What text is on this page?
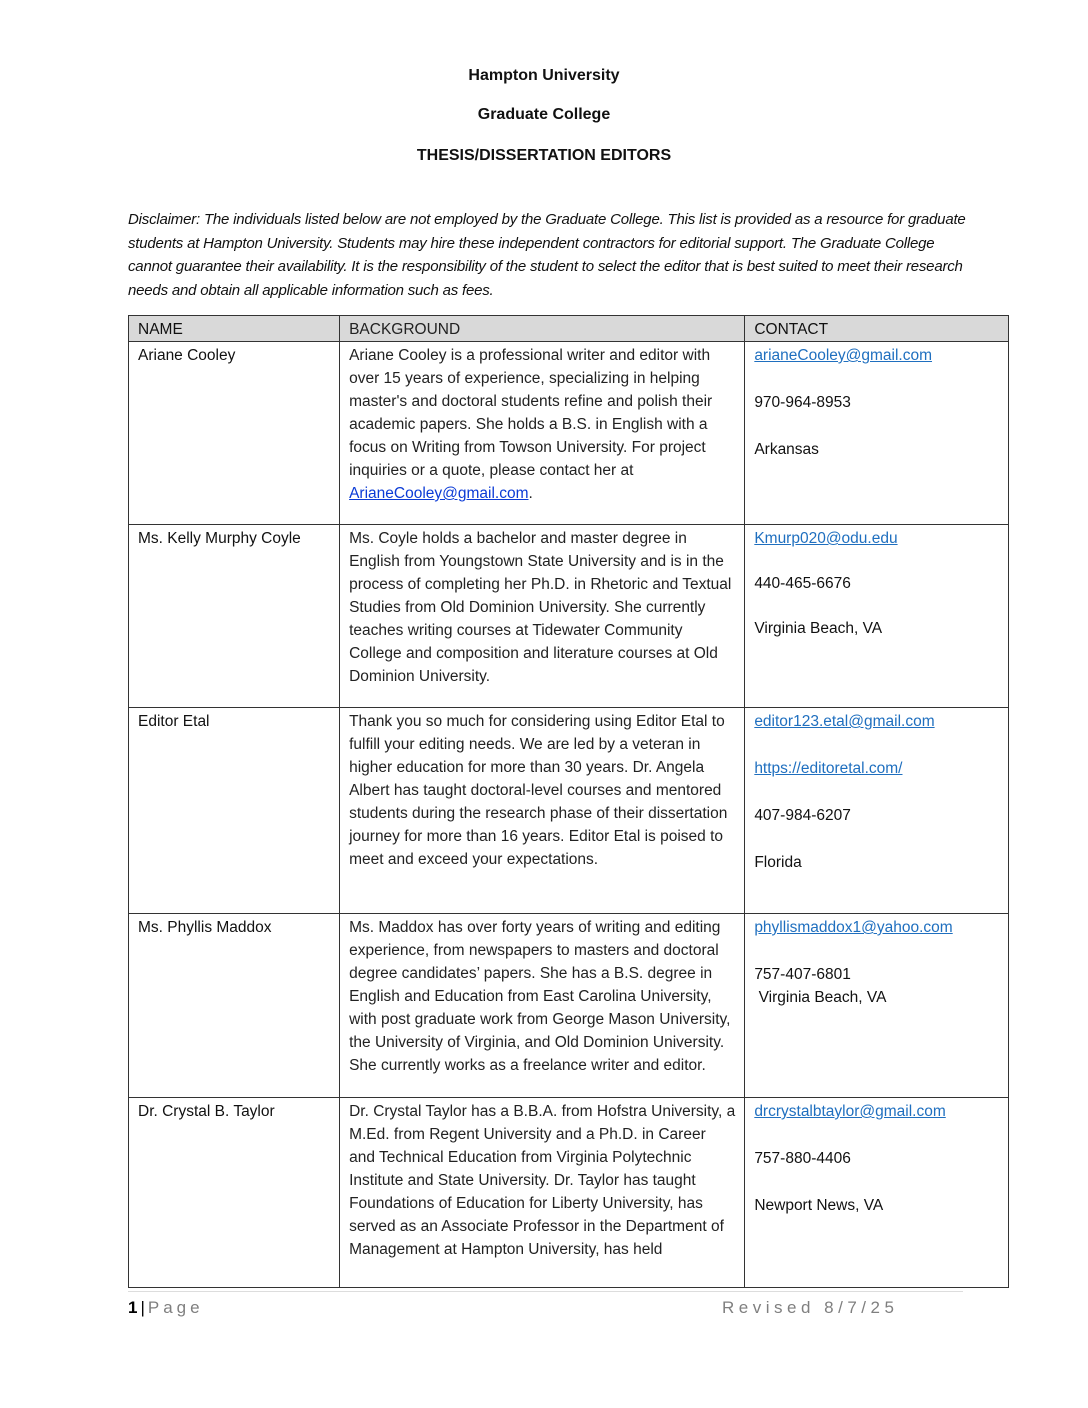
Hampton University
Graduate College
THESIS/DISSERTATION EDITORS
Disclaimer: The individuals listed below are not employed by the Graduate College. This list is provided as a resource for graduate students at Hampton University. Students may hire these independent contractors for editorial support. The Graduate College cannot guarantee their availability. It is the responsibility of the student to select the editor that is best suited to meet their research needs and obtain all applicable information such as fees.
NAME	BACKGROUND	CONTACT
Ariane Cooley	Ariane Cooley is a professional writer and editor with over 15 years of experience, specializing in helping master's and doctoral students refine and polish their academic papers. She holds a B.S. in English with a focus on Writing from Towson University. For project inquiries or a quote, please contact her at ArianeCooley@gmail.com.	
arianeCooley@gmail.com
970-964-8953
Arkansas

Ms. Kelly Murphy Coyle	Ms. Coyle holds a bachelor and master degree in English from Youngstown State University and is in the process of completing her Ph.D. in Rhetoric and Textual Studies from Old Dominion University. She currently teaches writing courses at Tidewater Community College and composition and literature courses at Old Dominion University.	
Kmurp020@odu.edu
440-465-6676
Virginia Beach, VA

Editor Etal	Thank you so much for considering using Editor Etal to fulfill your editing needs. We are led by a veteran in higher education for more than 30 years. Dr. Angela Albert has taught doctoral-level courses and mentored students during the research phase of their dissertation journey for more than 16 years. Editor Etal is poised to meet and exceed your expectations.	
editor123.etal@gmail.com
https://editoretal.com/
407-984-6207
Florida

Ms. Phyllis Maddox	Ms. Maddox has over forty years of writing and editing experience, from newspapers to masters and doctoral degree candidates’ papers. She has a B.S. degree in English and Education from East Carolina University, with post graduate work from George Mason University, the University of Virginia, and Old Dominion University. She currently works as a freelance writer and editor.	
phyllismaddox1@yahoo.com
757-407-6801
Virginia Beach, VA

Dr. Crystal B. Taylor	Dr. Crystal Taylor has a B.B.A. from Hofstra University, a M.Ed. from Regent University and a Ph.D. in Career and Technical Education from Virginia Polytechnic Institute and State University. Dr. Taylor has taught Foundations of Education for Liberty University, has served as an Associate Professor in the Department of Management at Hampton University, has held	
drcrystalbtaylor@gmail.com
757-880-4406
Newport News, VA
1 | Page	Revised 8/7/25
